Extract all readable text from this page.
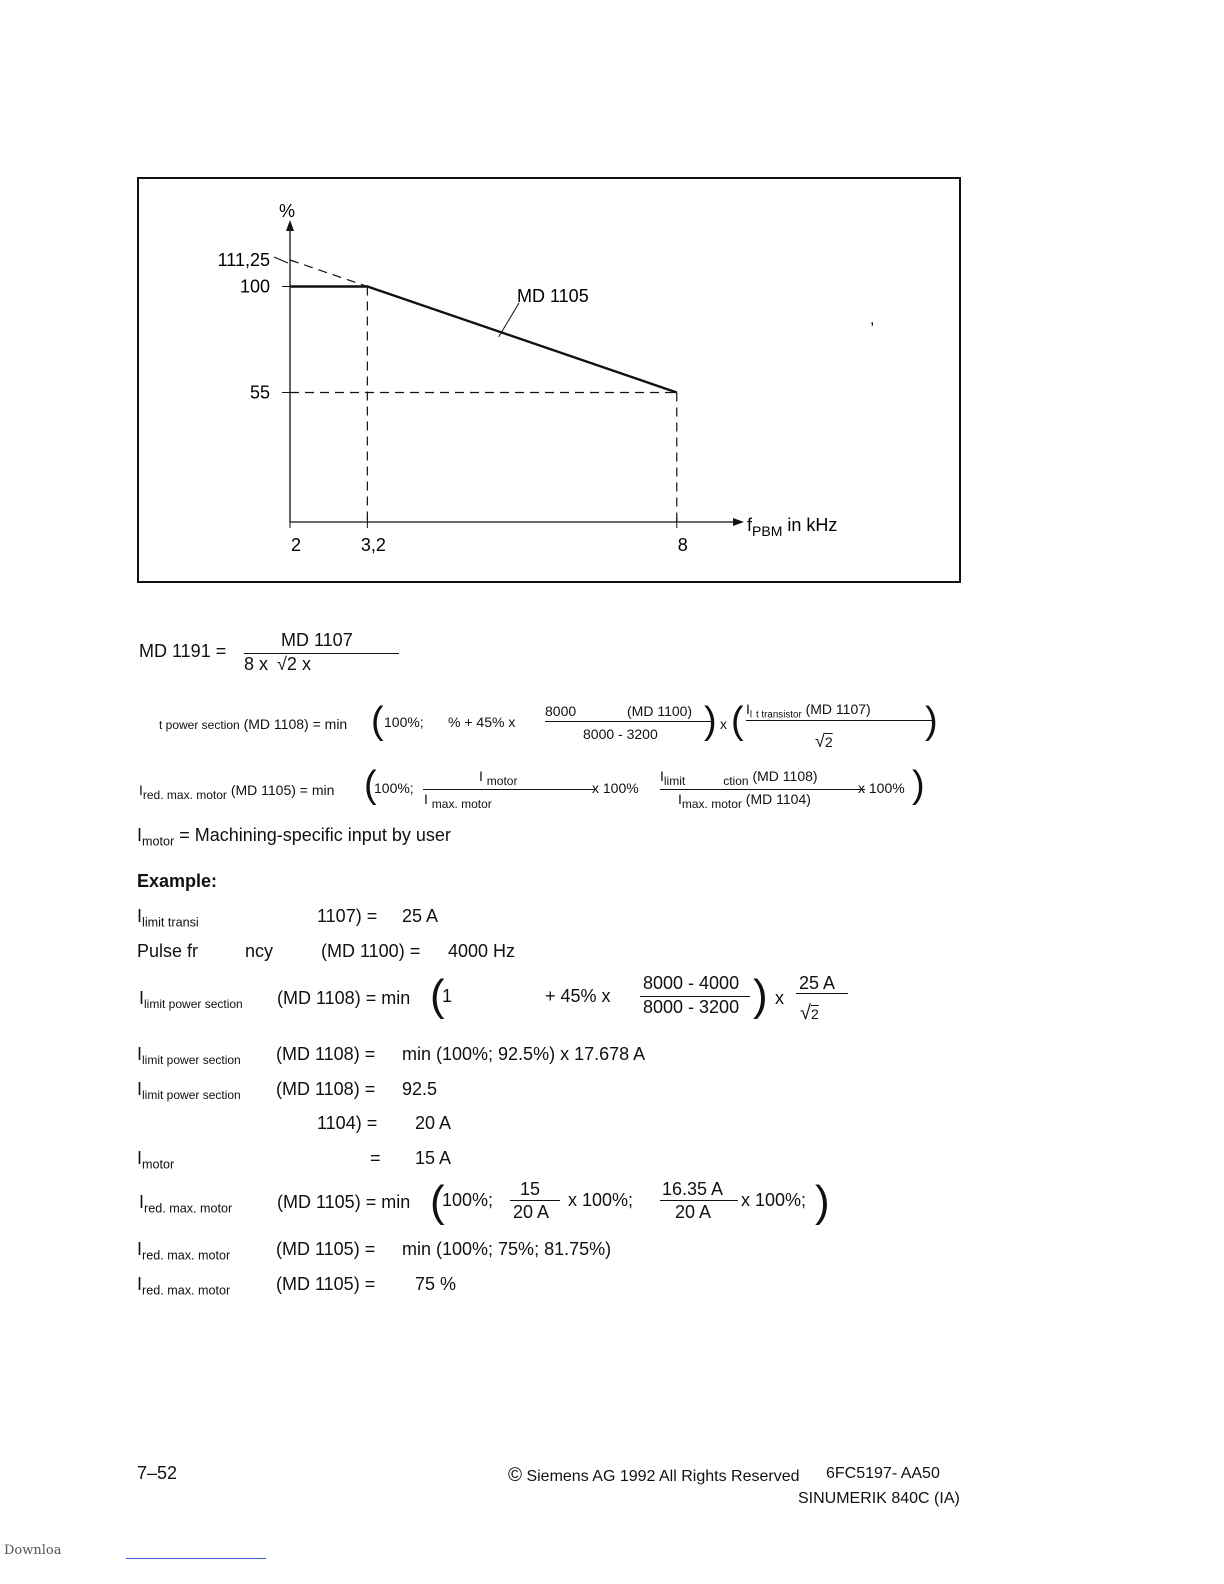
%
111,25
100
55
2	3,2	8
$f_{PBM}$ in kHz
MD 1105
,
MD 1191 =
MD 1107
8 x √2 x
t power section (MD 1108) = min ( 100%; % + 45% x
8000	(MD 1100)
8000 - 3200 ) x ( $I_l$ $_{t transistor}$ (MD 1107)
√2 )
$I_{red. max. motor}$ (MD 1105) = min (
100%;
I $_{motor}$
I $_{max. motor}$
x 100%
$I_{limit}$	$_{ction}$ (MD 1108)
$I_{max. motor}$ (MD 1104)
x 100% )
$I_{motor}$ = Machining-specific input by user
Example:
$I_{limit transi}$	1107) = 25 A
Pulse fr	ncy	(MD 1100) = 4000 Hz
$I_{limit power section}$ (MD 1108) = min (
1	+ 45% x
8000 - 4000
8000 - 3200 ) x
25 A
√2
$I_{limit power section}$ (MD 1108) = min (100%; 92.5%) x 17.678 A
$I_{limit power section}$ (MD 1108) = 92.5
1104) = 20 A
$I_{motor}$	= 15 A
$I_{red. max. motor}$ (MD 1105) = min (
100%;
15
20 A
x 100%;
16.35 A
20 A
x 100%; )
$I_{red. max. motor}$	(MD 1105) = min (100%; 75%; 81.75%)
$I_{red. max. motor}$	(MD 1105) = 75 %
7–52	© Siemens AG 1992 All Rights Reserved 6FC5197- AA50
SINUMERIK 840C (IA)
Downloa
